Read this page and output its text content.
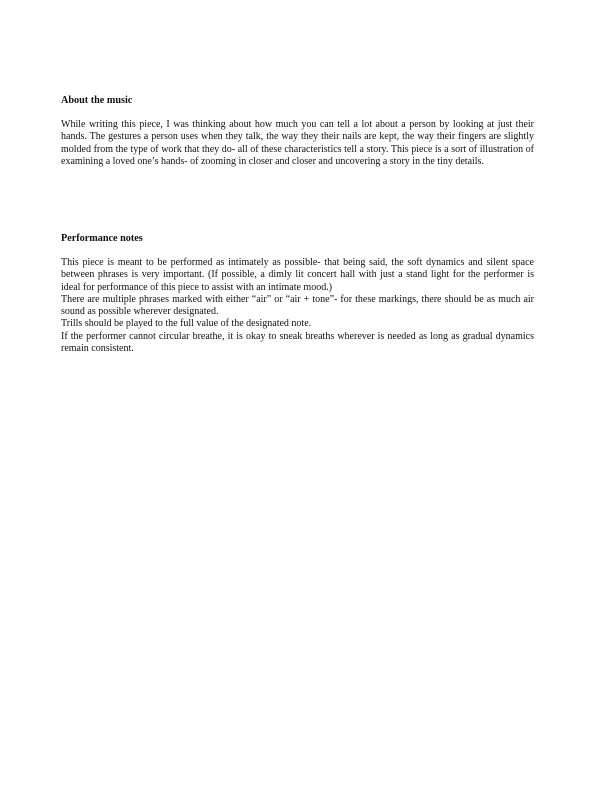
About the music

While writing this piece, I was thinking about how much you can tell a lot about a person by looking at just their hands. The gestures a person uses when they talk, the way they their nails are kept, the way their fingers are slightly molded from the type of work that they do- all of these characteristics tell a story. This piece is a sort of illustration of examining a loved one’s hands- of zooming in closer and closer and uncovering a story in the tiny details.

Performance notes

This piece is meant to be performed as intimately as possible- that being said, the soft dynamics and silent space between phrases is very important. (If possible, a dimly lit concert hall with just a stand light for the performer is ideal for performance of this piece to assist with an intimate mood.)

There are multiple phrases marked with either “air” or “air + tone”- for these markings, there should be as much air sound as possible wherever designated.

Trills should be played to the full value of the designated note.

If the performer cannot circular breathe, it is okay to sneak breaths wherever is needed as long as gradual dynamics remain consistent.
